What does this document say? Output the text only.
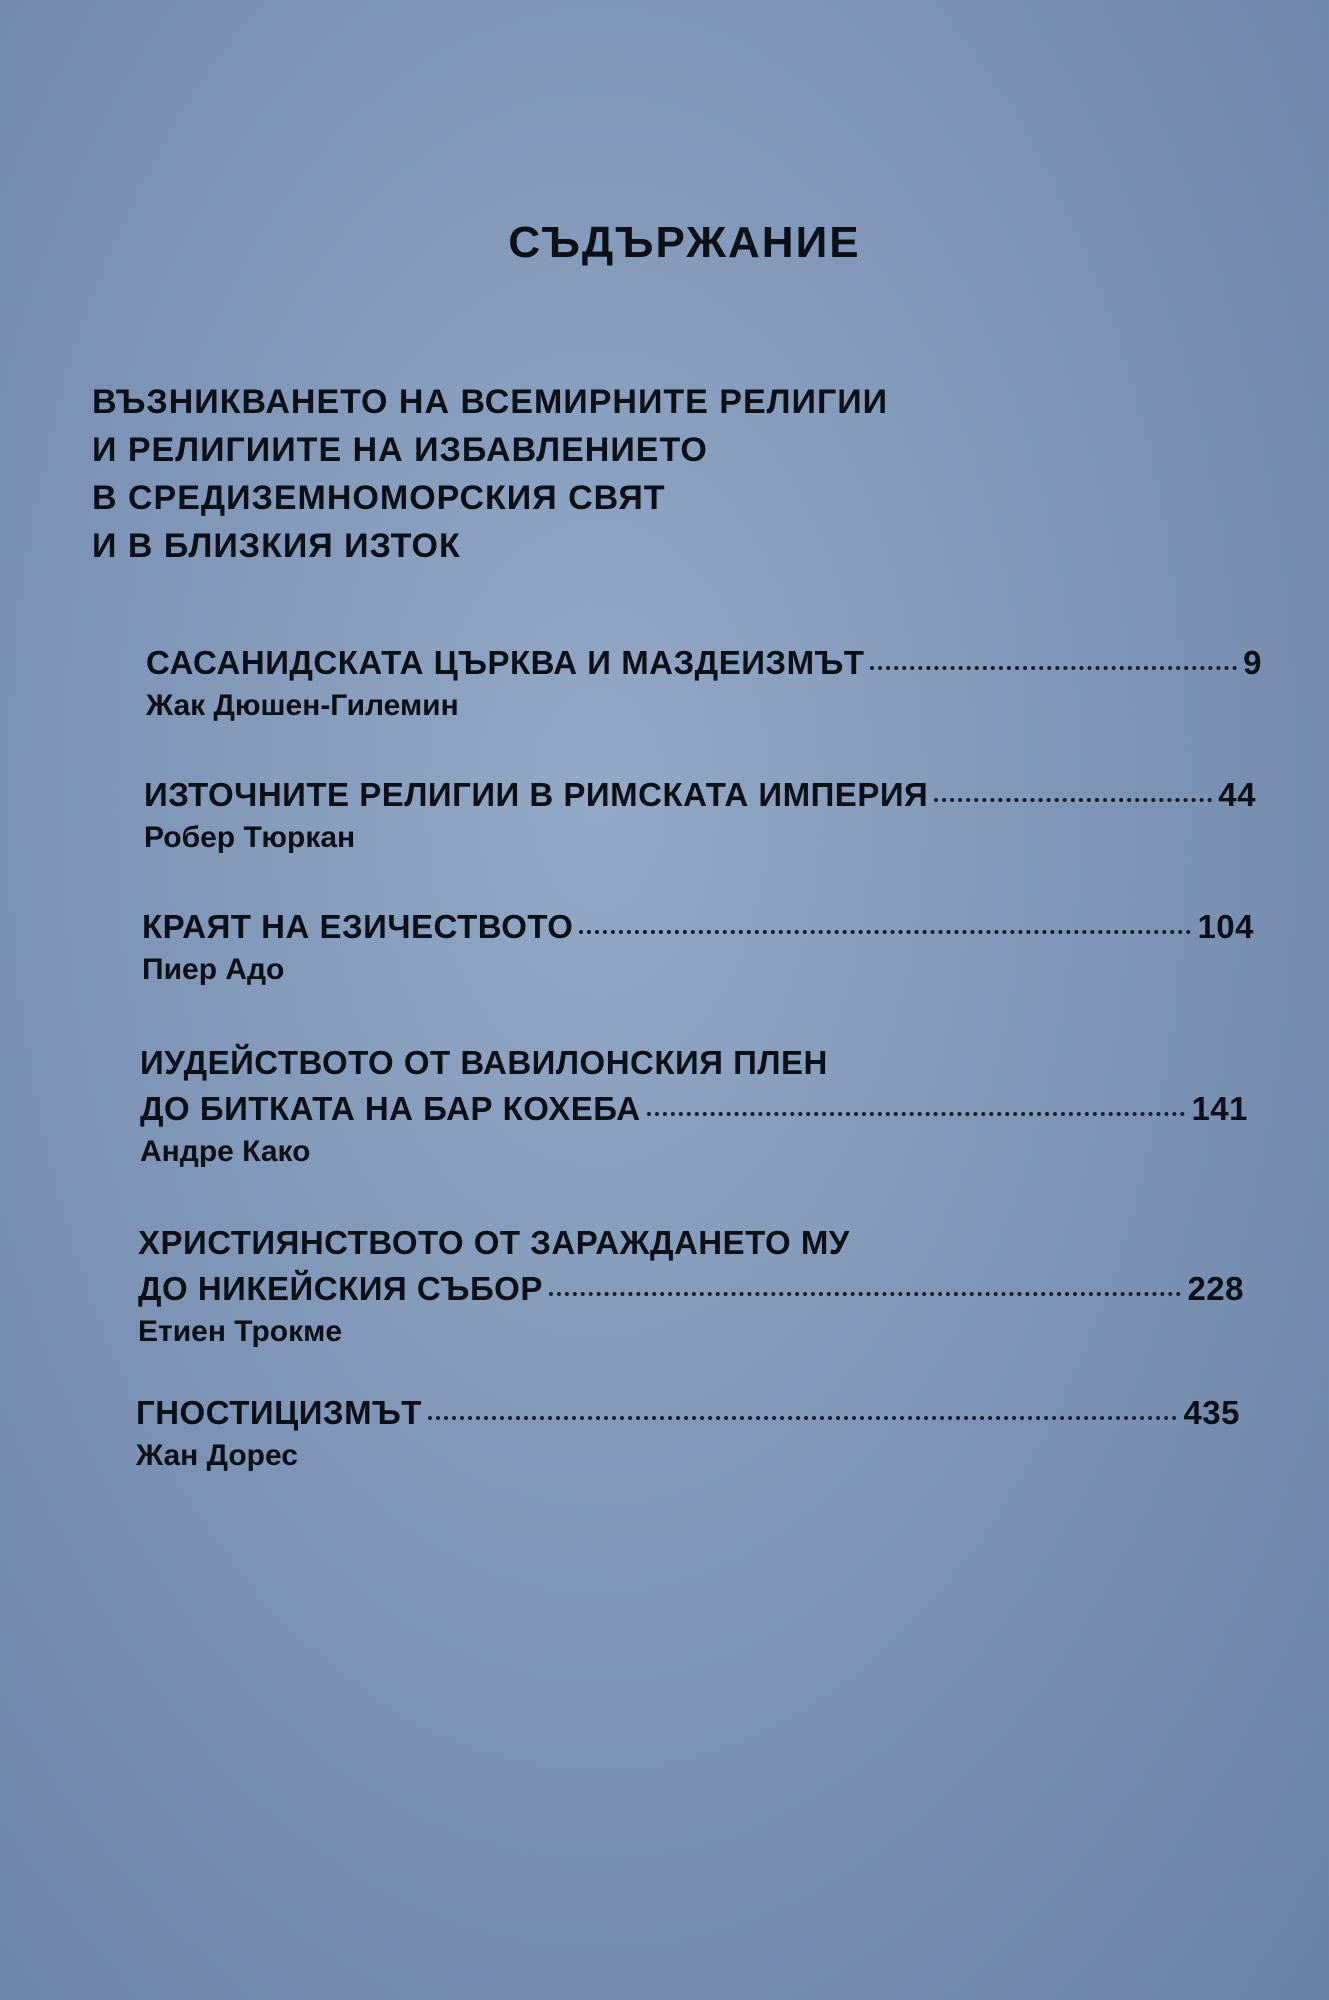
СЪДЪРЖАНИЕ
ВЪЗНИКВАНЕТО НА ВСЕМИРНИТЕ РЕЛИГИИ
И РЕЛИГИИТЕ НА ИЗБАВЛЕНИЕТО
В СРЕДИЗЕМНОМОРСКИЯ СВЯТ
И В БЛИЗКИЯ ИЗТОК
САСАНИДСКАТА ЦЪРКВА И МАЗДЕИЗМЪТ	9
Жак Дюшен-Гилемин
ИЗТОЧНИТЕ РЕЛИГИИ В РИМСКАТА ИМПЕРИЯ	44
Робер Тюркан
КРАЯТ НА ЕЗИЧЕСТВОТО	104
Пиер Адо
ИУДЕЙСТВОТО ОТ ВАВИЛОНСКИЯ ПЛЕН
ДО БИТКАТА НА БАР КОХЕБА	141
Андре Како
ХРИСТИЯНСТВОТО ОТ ЗАРАЖДАНЕТО МУ
ДО НИКЕЙСКИЯ СЪБОР	228
Етиен Трокме
ГНОСТИЦИЗМЪТ	435
Жан Дорес
